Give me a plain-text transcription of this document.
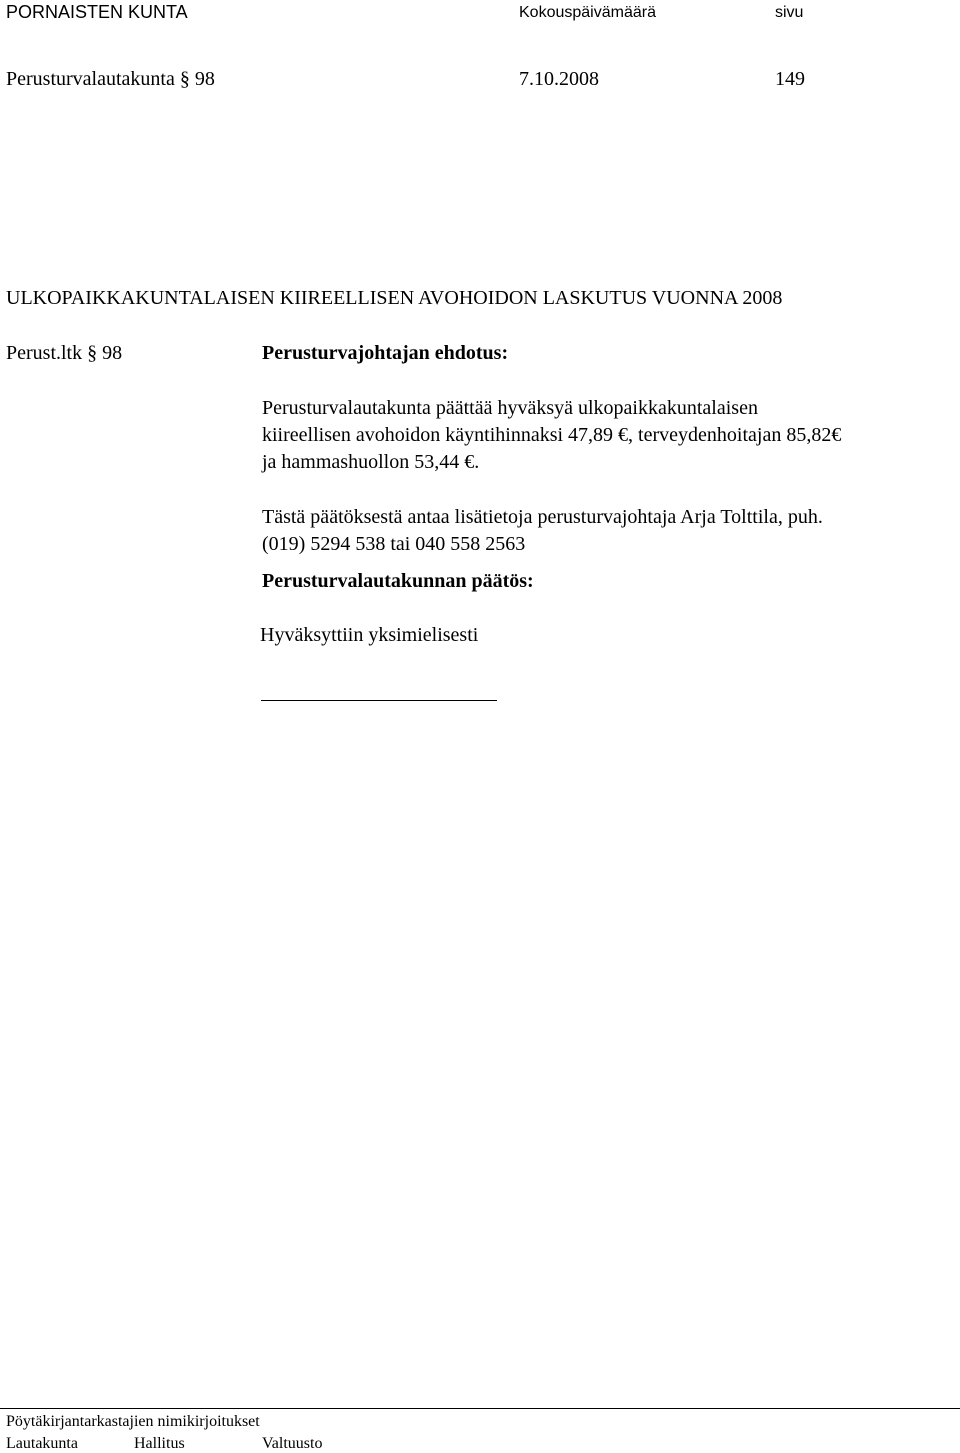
PORNAISTEN KUNTA	Kokouspäivämäärä	sivu
Perusturvalautakunta § 98	7.10.2008	149
ULKOPAIKKAKUNTALAISEN KIIREELLISEN AVOHOIDON LASKUTUS VUONNA 2008
Perust.ltk § 98	Perusturvajohtajan ehdotus:

Perusturvalautakunta päättää hyväksyä ulkopaikkakuntalaisen

kiireellisen avohoidon käyntihinnaksi 47,89 €, terveydenhoitajan 85,82€

ja hammashuollon 53,44 €.

Tästä päätöksestä antaa lisätietoja perusturvajohtaja Arja Tolttila, puh.

(019) 5294 538 tai 040 558 2563

Perusturvalautakunnan päätös:
Hyväksyttiin yksimielisesti
Pöytäkirjantarkastajien nimikirjoitukset
Lautakunta	Hallitus	Valtuusto
